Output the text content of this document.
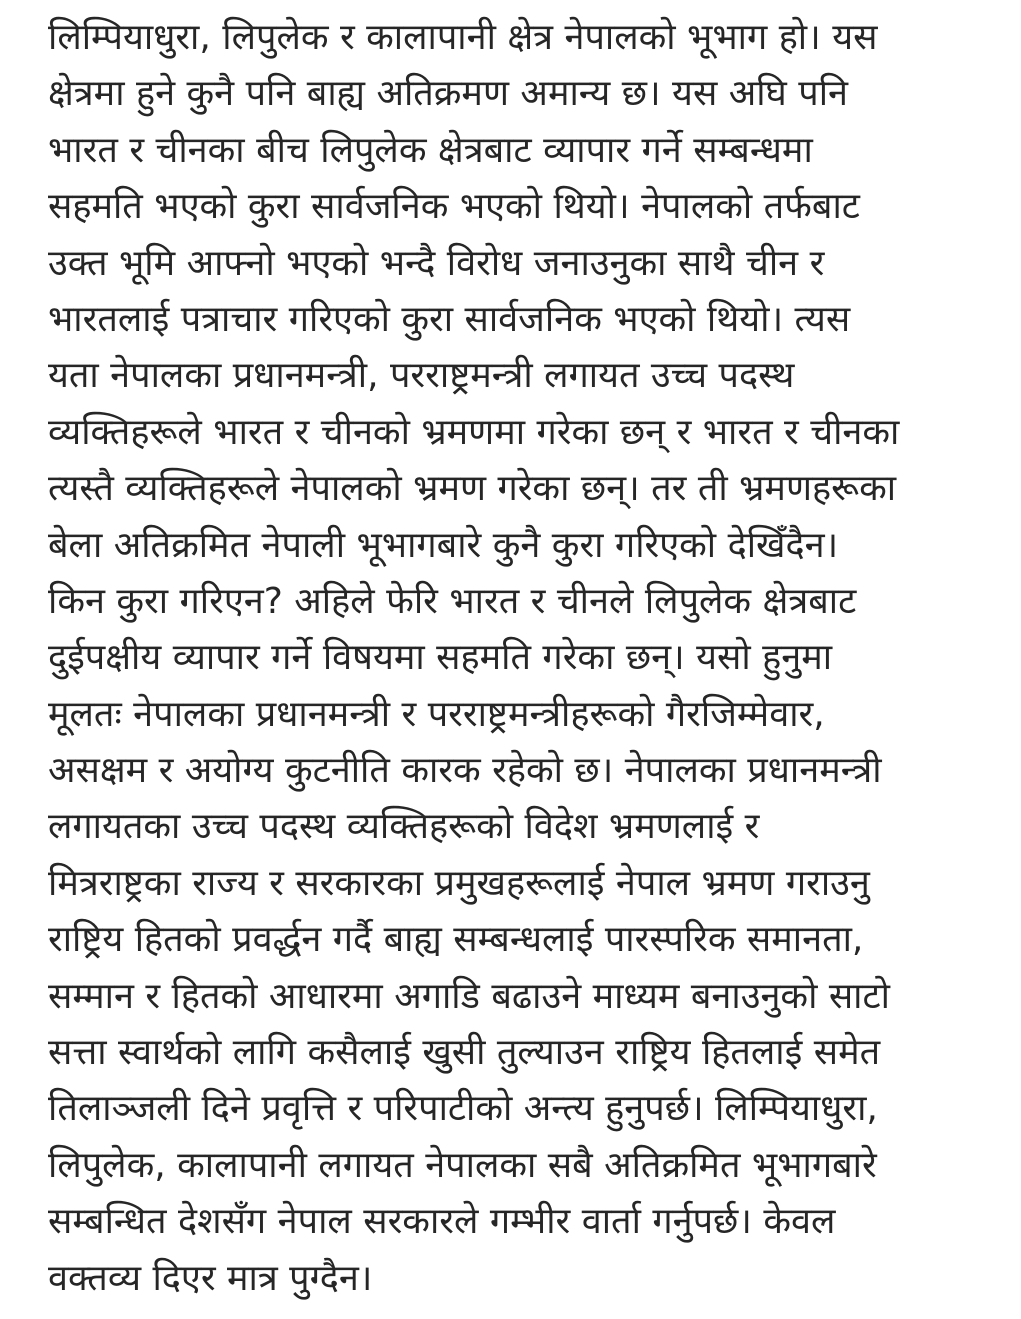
लिम्पियाधुरा, लिपुलेक र कालापानी क्षेत्र नेपालको भूभाग हो। यस
क्षेत्रमा हुने कुनै पनि बाह्य अतिक्रमण अमान्य छ। यस अघि पनि
भारत र चीनका बीच लिपुलेक क्षेत्रबाट व्यापार गर्ने सम्बन्धमा
सहमति भएको कुरा सार्वजनिक भएको थियो। नेपालको तर्फबाट
उक्त भूमि आफ्नो भएको भन्दै विरोध जनाउनुका साथै चीन र
भारतलाई पत्राचार गरिएको कुरा सार्वजनिक भएको थियो। त्यस
यता नेपालका प्रधानमन्त्री, परराष्ट्रमन्त्री लगायत उच्च पदस्थ
व्यक्तिहरूले भारत र चीनको भ्रमणमा गरेका छन् र भारत र चीनका
त्यस्तै व्यक्तिहरूले नेपालको भ्रमण गरेका छन्। तर ती भ्रमणहरूका
बेला अतिक्रमित नेपाली भूभागबारे कुनै कुरा गरिएको देखिँदैन।
किन कुरा गरिएन? अहिले फेरि भारत र चीनले लिपुलेक क्षेत्रबाट
दुईपक्षीय व्यापार गर्ने विषयमा सहमति गरेका छन्। यसो हुनुमा
मूलतः नेपालका प्रधानमन्त्री र परराष्ट्रमन्त्रीहरूको गैरजिम्मेवार,
असक्षम र अयोग्य कुटनीति कारक रहेको छ। नेपालका प्रधानमन्त्री
लगायतका उच्च पदस्थ व्यक्तिहरूको विदेश भ्रमणलाई र
मित्रराष्ट्रका राज्य र सरकारका प्रमुखहरूलाई नेपाल भ्रमण गराउनु
राष्ट्रिय हितको प्रवर्द्धन गर्दै बाह्य सम्बन्धलाई पारस्परिक समानता,
सम्मान र हितको आधारमा अगाडि बढाउने माध्यम बनाउनुको साटो
सत्ता स्वार्थको लागि कसैलाई खुसी तुल्याउन राष्ट्रिय हितलाई समेत
तिलाञ्जली दिने प्रवृत्ति र परिपाटीको अन्त्य हुनुपर्छ। लिम्पियाधुरा,
लिपुलेक, कालापानी लगायत नेपालका सबै अतिक्रमित भूभागबारे
सम्बन्धित देशसँग नेपाल सरकारले गम्भीर वार्ता गर्नुपर्छ। केवल
वक्तव्य दिएर मात्र पुग्दैन।
